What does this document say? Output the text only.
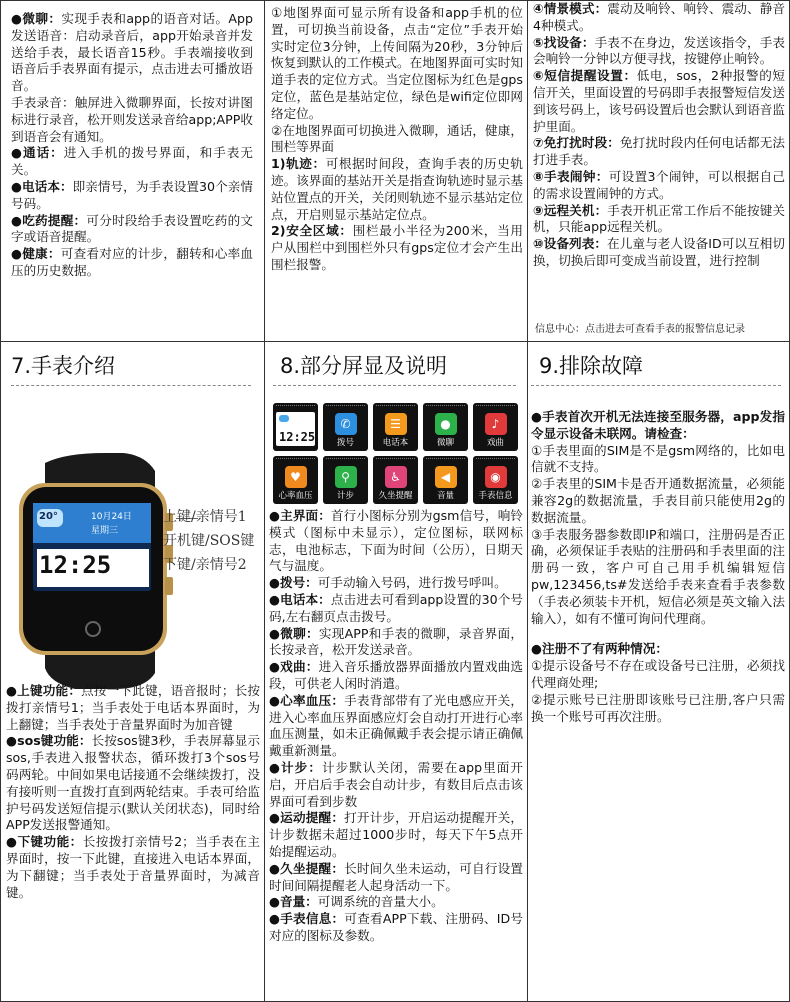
●微聊：实现手表和app的语音对话。App发送语音：启动录音后，app开始录音并发送给手表，最长语音15秒。手表端接收到语音后手表界面有提示，点击进去可播放语音。

手表录音：触屏进入微聊界面，长按对讲图标进行录音，松开则发送录音给app;APP收到语音会有通知。

●通话：进入手机的拨号界面，和手表无关。

●电话本：即亲情号，为手表设置30个亲情号码。

●吃药提醒：可分时段给手表设置吃药的文字或语音提醒。

●健康：可查看对应的计步，翻转和心率血压的历史数据。

①地图界面可显示所有设备和app手机的位置，可切换当前设备，点击“定位”手表开始实时定位3分钟，上传间隔为20秒，3分钟后恢复到默认的工作模式。在地图界面可实时知道手表的定位方式。当定位图标为红色是gps定位，蓝色是基站定位，绿色是wifi定位即网络定位。

②在地图界面可切换进入微聊，通话，健康，围栏等界面

1)轨迹：可根据时间段，查询手表的历史轨迹。该界面的基站开关是指查询轨迹时显示基站位置点的开关，关闭则轨迹不显示基站定位点，开启则显示基站定位点。

2)安全区域：围栏最小半径为200米，当用户从围栏中到围栏外只有gps定位才会产生出围栏报警。

④情景模式：震动及响铃、响铃、震动、静音4种模式。

⑤找设备：手表不在身边，发送该指令，手表会响铃一分钟以方便寻找，按键停止响铃。

⑥短信提醒设置：低电，sos，2种报警的短信开关，里面设置的号码即手表报警短信发送到该号码上，该号码设置后也会默认到语音监护里面。

⑦免打扰时段：免打扰时段内任何电话都无法打进手表。

⑧手表闹钟：可设置3个闹钟，可以根据自己的需求设置闹钟的方式。

⑨远程关机：手表开机正常工作后不能按键关机，只能app远程关机。

⑩设备列表：在儿童与老人设备ID可以互相切换，切换后即可变成当前设置，进行控制

信息中心：点击进去可查看手表的报警信息记录
7.手表介绍	8.部分屏显及说明	9.排除故障
20°	10月24日
星期三
12:25
上键/亲情号1
开机键/SOS键
下键/亲情号2

●上键功能：点按一下此键，语音报时；长按拨打亲情号1；当手表处于电话本界面时，为上翻键；当手表处于音量界面时为加音键

●sos键功能：长按sos键3秒，手表屏幕显示sos,手表进入报警状态，循环拨打3个sos号码两轮。中间如果电话接通不会继续拨打，没有接听则一直拨打直到两轮结束。手表可给监护号码发送短信提示(默认关闭状态)，同时给APP发送报警通知。

●下键功能：长按拨打亲情号2；当手表在主界面时，按一下此键，直接进入电话本界面，为下翻键；当手表处于音量界面时，为减音键。

12:25
✆
拨号
☰
电话本
●
微聊
♪
戏曲
♥
心率血压
⚲
计步
♿
久坐提醒
◀
音量
◉
手表信息

●主界面：首行小图标分别为gsm信号，响铃模式（图标中未显示），定位图标，联网标志，电池标志，下面为时间（公历），日期天气与温度。

●拨号：可手动输入号码，进行拨号呼叫。

●电话本：点击进去可看到app设置的30个号码,左右翻页点击拨号。

●微聊：实现APP和手表的微聊，录音界面，长按录音，松开发送录音。

●戏曲：进入音乐播放器界面播放内置戏曲选段，可供老人闲时消遣。

●心率血压：手表背部带有了光电感应开关，进入心率血压界面感应灯会自动打开进行心率血压测量，如未正确佩戴手表会提示请正确佩戴重新测量。

●计步：计步默认关闭，需要在app里面开启，开启后手表会自动计步，有数目后点击该界面可看到步数

●运动提醒：打开计步，开启运动提醒开关，计步数据未超过1000步时，每天下午5点开始提醒运动。

●久坐提醒：长时间久坐未运动，可自行设置时间间隔提醒老人起身活动一下。

●音量：可调系统的音量大小。

●手表信息：可查看APP下载、注册码、ID号对应的图标及参数。

●手表首次开机无法连接至服务器，app发指令显示设备未联网。请检查：

①手表里面的SIM是不是gsm网络的，比如电信就不支持。

②手表里的SIM卡是否开通数据流量，必须能兼容2g的数据流量，手表目前只能使用2g的数据流量。

③手表服务器参数即IP和端口，注册码是否正确，必须保证手表贴的注册码和手表里面的注册码一致，客户可自己用手机编辑短信pw,123456,ts#发送给手表来查看手表参数（手表必须装卡开机，短信必须是英文输入法输入），如有不懂可询问代理商。

●注册不了有两种情况：

①提示设备号不存在或设备号已注册，必须找代理商处理;

②提示账号已注册即该账号已注册,客户只需换一个账号可再次注册。
